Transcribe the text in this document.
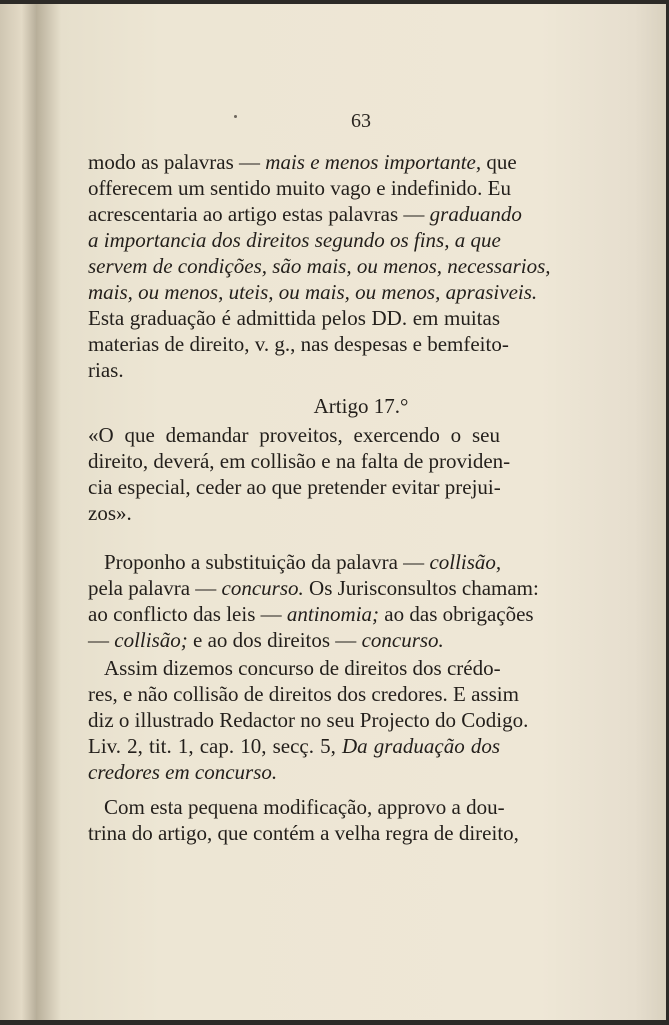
63
modo as palavras — mais e menos importante, que
offerecem um sentido muito vago e indefinido. Eu
acrescentaria ao artigo estas palavras — graduando
a importancia dos direitos segundo os fins, a que
servem de condições, são mais, ou menos, necessarios,
mais, ou menos, uteis, ou mais, ou menos, aprasiveis.
Esta graduação é admittida pelos DD. em muitas
materias de direito, v. g., nas despesas e bemfeito-
rias.
Artigo 17.°
«O que demandar proveitos, exercendo o seu
direito, deverá, em collisão e na falta de providen-
cia especial, ceder ao que pretender evitar prejui-
zos».
Proponho a substituição da palavra — collisão,
pela palavra — concurso. Os Jurisconsultos chamam:
ao conflicto das leis — antinomia; ao das obrigações
— collisão; e ao dos direitos — concurso.
Assim dizemos concurso de direitos dos crédo-
res, e não collisão de direitos dos credores. E assim
diz o illustrado Redactor no seu Projecto do Codigo.
Liv. 2, tit. 1, cap. 10, secç. 5, Da graduação dos
credores em concurso.
Com esta pequena modificação, approvo a dou-
trina do artigo, que contém a velha regra de direito,
